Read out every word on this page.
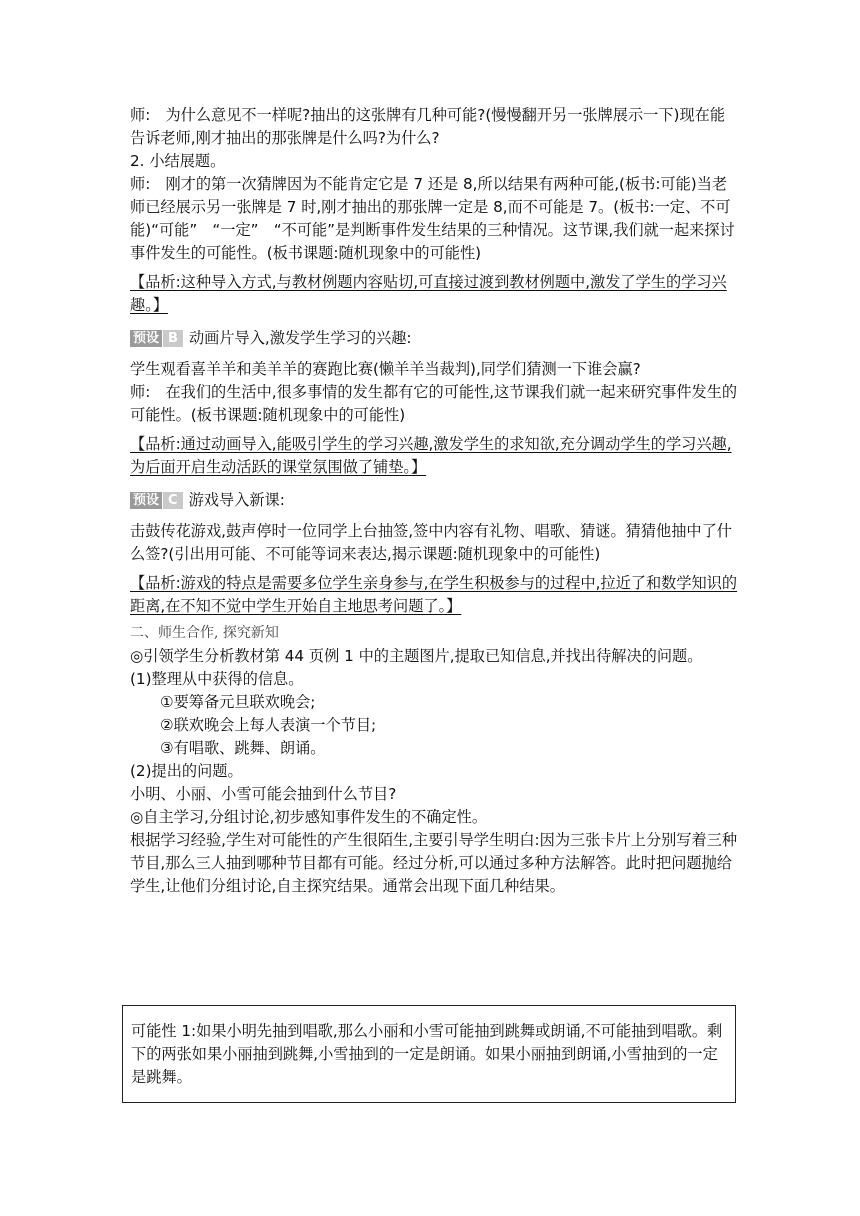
师:　为什么意见不一样呢?抽出的这张牌有几种可能?(慢慢翻开另一张牌展示一下)现在能告诉老师,刚才抽出的那张牌是什么吗?为什么?

2. 小结展题。

师:　刚才的第一次猜牌因为不能肯定它是 7 还是 8,所以结果有两种可能,(板书:可能)当老师已经展示另一张牌是 7 时,刚才抽出的那张牌一定是 8,而不可能是 7。(板书:一定、不可能)“可能”　“一定”　“不可能”是判断事件发生结果的三种情况。这节课,我们就一起来探讨事件发生的可能性。(板书课题:随机现象中的可能性)

【品析:这种导入方式,与教材例题内容贴切,可直接过渡到教材例题中,激发了学生的学习兴趣。】

预设 B 动画片导入,激发学生学习的兴趣:

学生观看喜羊羊和美羊羊的赛跑比赛(懒羊羊当裁判),同学们猜测一下谁会赢?

师:　在我们的生活中,很多事情的发生都有它的可能性,这节课我们就一起来研究事件发生的可能性。(板书课题:随机现象中的可能性)

【品析:通过动画导入,能吸引学生的学习兴趣,激发学生的求知欲,充分调动学生的学习兴趣,为后面开启生动活跃的课堂氛围做了铺垫。】

预设 C 游戏导入新课:

击鼓传花游戏,鼓声停时一位同学上台抽签,签中内容有礼物、唱歌、猜谜。猜猜他抽中了什么签?(引出用可能、不可能等词来表达,揭示课题:随机现象中的可能性)

【品析:游戏的特点是需要多位学生亲身参与,在学生积极参与的过程中,拉近了和数学知识的距离,在不知不觉中学生开始自主地思考问题了。】

二、师生合作, 探究新知

◎引领学生分析教材第 44 页例 1 中的主题图片,提取已知信息,并找出待解决的问题。

(1)整理从中获得的信息。

①要筹备元旦联欢晚会;

②联欢晚会上每人表演一个节目;

③有唱歌、跳舞、朗诵。

(2)提出的问题。

小明、小丽、小雪可能会抽到什么节目?

◎自主学习,分组讨论,初步感知事件发生的不确定性。

根据学习经验,学生对可能性的产生很陌生,主要引导学生明白:因为三张卡片上分别写着三种节目,那么三人抽到哪种节目都有可能。经过分析,可以通过多种方法解答。此时把问题抛给学生,让他们分组讨论,自主探究结果。通常会出现下面几种结果。

可能性 1:如果小明先抽到唱歌,那么小丽和小雪可能抽到跳舞或朗诵,不可能抽到唱歌。剩下的两张如果小丽抽到跳舞,小雪抽到的一定是朗诵。如果小丽抽到朗诵,小雪抽到的一定是跳舞。
